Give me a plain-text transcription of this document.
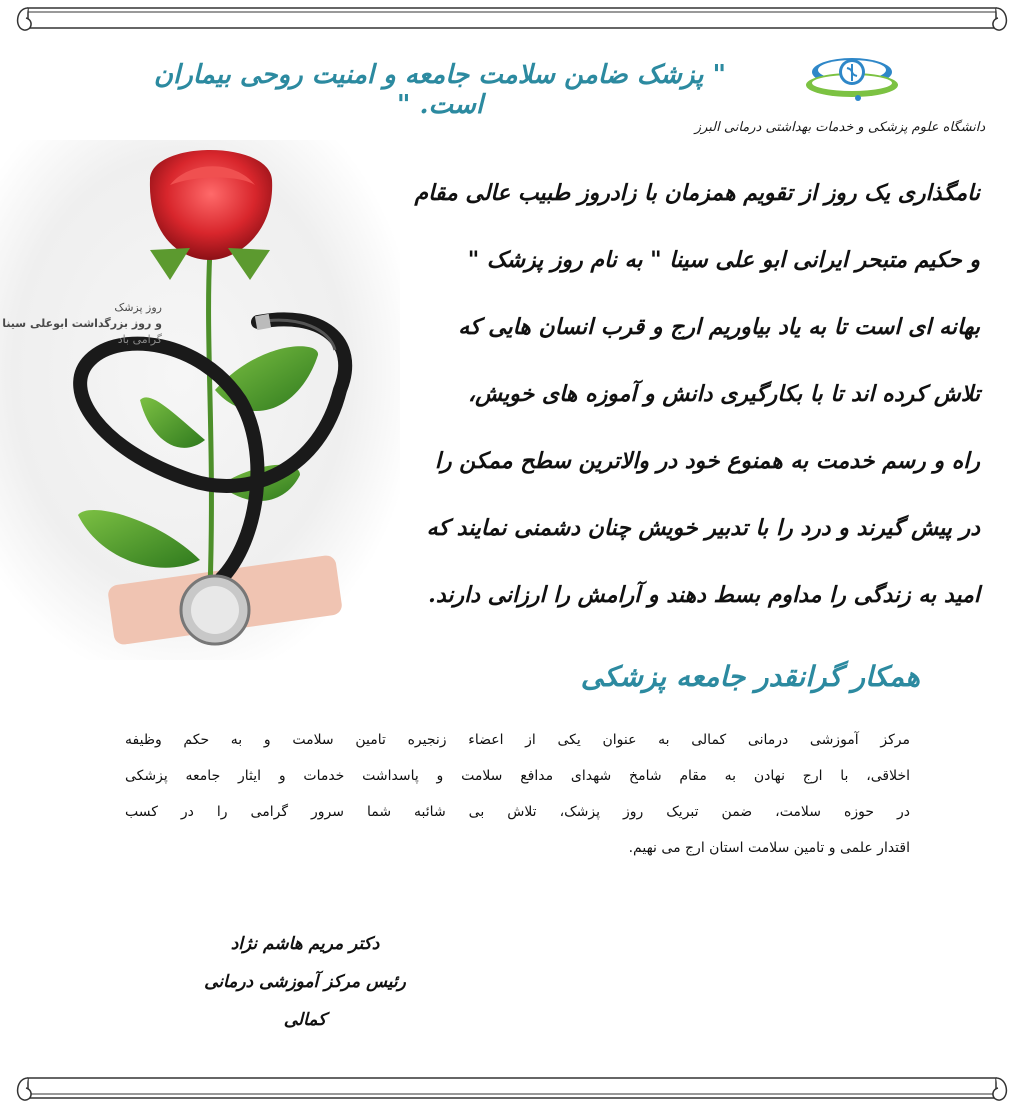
دانشگاه علوم پزشکی و خدمات بهداشتی درمانی البرز
" پزشک ضامن سلامت جامعه و امنیت روحی بیماران است. "
روز پزشک
و روز بزرگداشت ابوعلی سینا
گرامی باد
نامگذاری یک روز از تقویم همزمان با زادروز طبیب عالی مقام
و حکیم متبحر ایرانی ابو علی سینا " به نام روز پزشک "
بهانه ای است تا به یاد بیاوریم ارج و قرب انسان هایی که
تلاش کرده اند تا با بکارگیری دانش و آموزه های خویش،
راه و رسم خدمت به همنوع خود در والاترین سطح ممکن را
در پیش گیرند و درد را با تدبیر خویش چنان دشمنی نمایند که
امید به زندگی را مداوم بسط دهند و آرامش را ارزانی دارند.
همکار گرانقدر جامعه پزشکی
مرکز آموزشی درمانی کمالی به عنوان یکی از اعضاء زنجیره تامین سلامت و به حکم وظیفه
اخلاقی، با ارج نهادن به مقام شامخ شهدای مدافع سلامت و پاسداشت خدمات و ایثار جامعه پزشکی
در حوزه سلامت، ضمن تبریک روز پزشک، تلاش بی شائبه شما سرور گرامی را در کسب
اقتدار علمی و تامین سلامت استان ارج می نهیم.
دکتر مریم هاشم نژاد
رئیس مرکز آموزشی درمانی کمالی
